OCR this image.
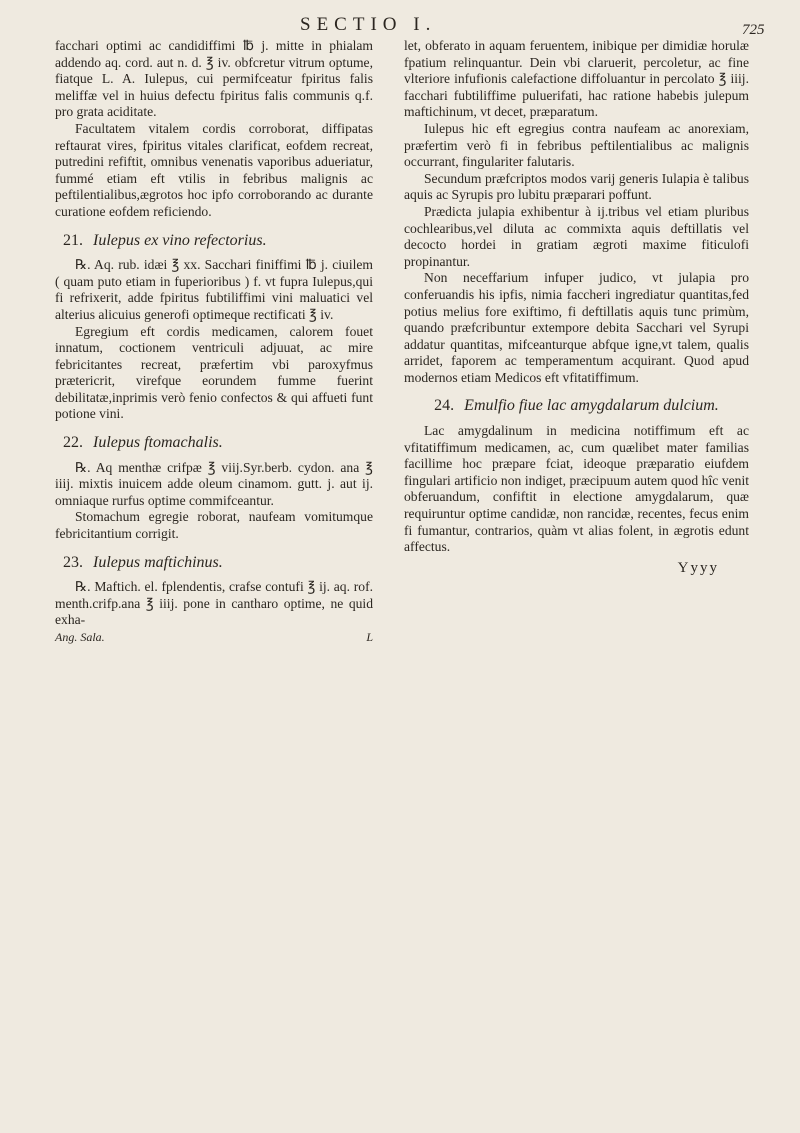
SECTIO I.	725

facchari optimi ac candidiffimi ℔ j. mitte in phialam addendo aq. cord. aut n. d. ℥ iv. obfcretur vitrum optume, fiatque L. A. Iulepus, cui permifceatur fpiritus falis meliffæ vel in huius defectu fpiritus falis communis q.f. pro grata aciditate.

Facultatem vitalem cordis corroborat, diffipatas reftaurat vires, fpiritus vitales clarificat, eofdem recreat, putredini refiftit, omnibus venenatis vaporibus adueriatur, fummé etiam eft vtilis in febribus malignis ac peftilentialibus,ægrotos hoc ipfo corroborando ac durante curatione eofdem reficiendo.

21. Iulepus ex vino refectorius.

℞. Aq. rub. idæi ℥ xx. Sacchari finiffimi ℔ j. ciuilem ( quam puto etiam in fuperioribus ) f. vt fupra Iulepus,qui fi refrixerit, adde fpiritus fubtiliffimi vini maluatici vel alterius alicuius generofi optimeque rectificati ℥ iv.

Egregium eft cordis medicamen, calorem fouet innatum, coctionem ventriculi adjuuat, ac mire febricitantes recreat, præfertim vbi paroxyfmus prætericrit, virefque eorundem fumme fuerint debilitatæ,inprimis verò fenio confectos & qui affueti funt potione vini.

22. Iulepus ftomachalis.

℞. Aq menthæ crifpæ ℥ viij.Syr.berb. cydon. ana ℥ iiij. mixtis inuicem adde oleum cinamom. gutt. j. aut ij. omniaque rurfus optime commifceantur.

Stomachum egregie roborat, naufeam vomitumque febricitantium corrigit.

23. Iulepus maftichinus.

℞. Maftich. el. fplendentis, crafse contufi ℥ ij. aq. rof. menth.crifp.ana ℥ iiij. pone in cantharo optime, ne quid exha-

Ang. Sala.	L

let, obferato in aquam feruentem, inibique per dimidiæ horulæ fpatium relinquantur. Dein vbi claruerit, percoletur, ac fine vlteriore infufionis calefactione diffoluantur in percolato ℥ iiij. facchari fubtiliffime puluerifati, hac ratione habebis julepum maftichinum, vt decet, præparatum.

Iulepus hic eft egregius contra naufeam ac anorexiam, præfertim verò fi in febribus peftilentialibus ac malignis occurrant, fingulariter falutaris.

Secundum præfcriptos modos varij generis Iulapia è talibus aquis ac Syrupis pro lubitu præparari poffunt.

Prædicta julapia exhibentur à ij.tribus vel etiam pluribus cochlearibus,vel diluta ac commixta aquis deftillatis vel decocto hordei in gratiam ægroti maxime fiticulofi propinantur.

Non neceffarium infuper judico, vt julapia pro conferuandis his ipfis, nimia faccheri ingrediatur quantitas,fed potius melius fore exiftimo, fi deftillatis aquis tunc primùm, quando præfcribuntur extempore debita Sacchari vel Syrupi addatur quantitas, mifceanturque abfque igne,vt talem, qualis arridet, faporem ac temperamentum acquirant. Quod apud modernos etiam Medicos eft vfitatiffimum.

24. Emulfio fiue lac amygdalarum dulcium.

Lac amygdalinum in medicina notiffimum eft ac vfitatiffimum medicamen, ac, cum quælibet mater familias facillime hoc præpare fciat, ideoque præparatio eiufdem fingulari artificio non indiget, præcipuum autem quod hîc venit obferuandum, confiftit in electione amygdalarum, quæ requiruntur optime candidæ, non rancidæ, recentes, fecus enim fi fumantur, contrarios, quàm vt alias folent, in ægrotis edunt affectus.

Yyyy
